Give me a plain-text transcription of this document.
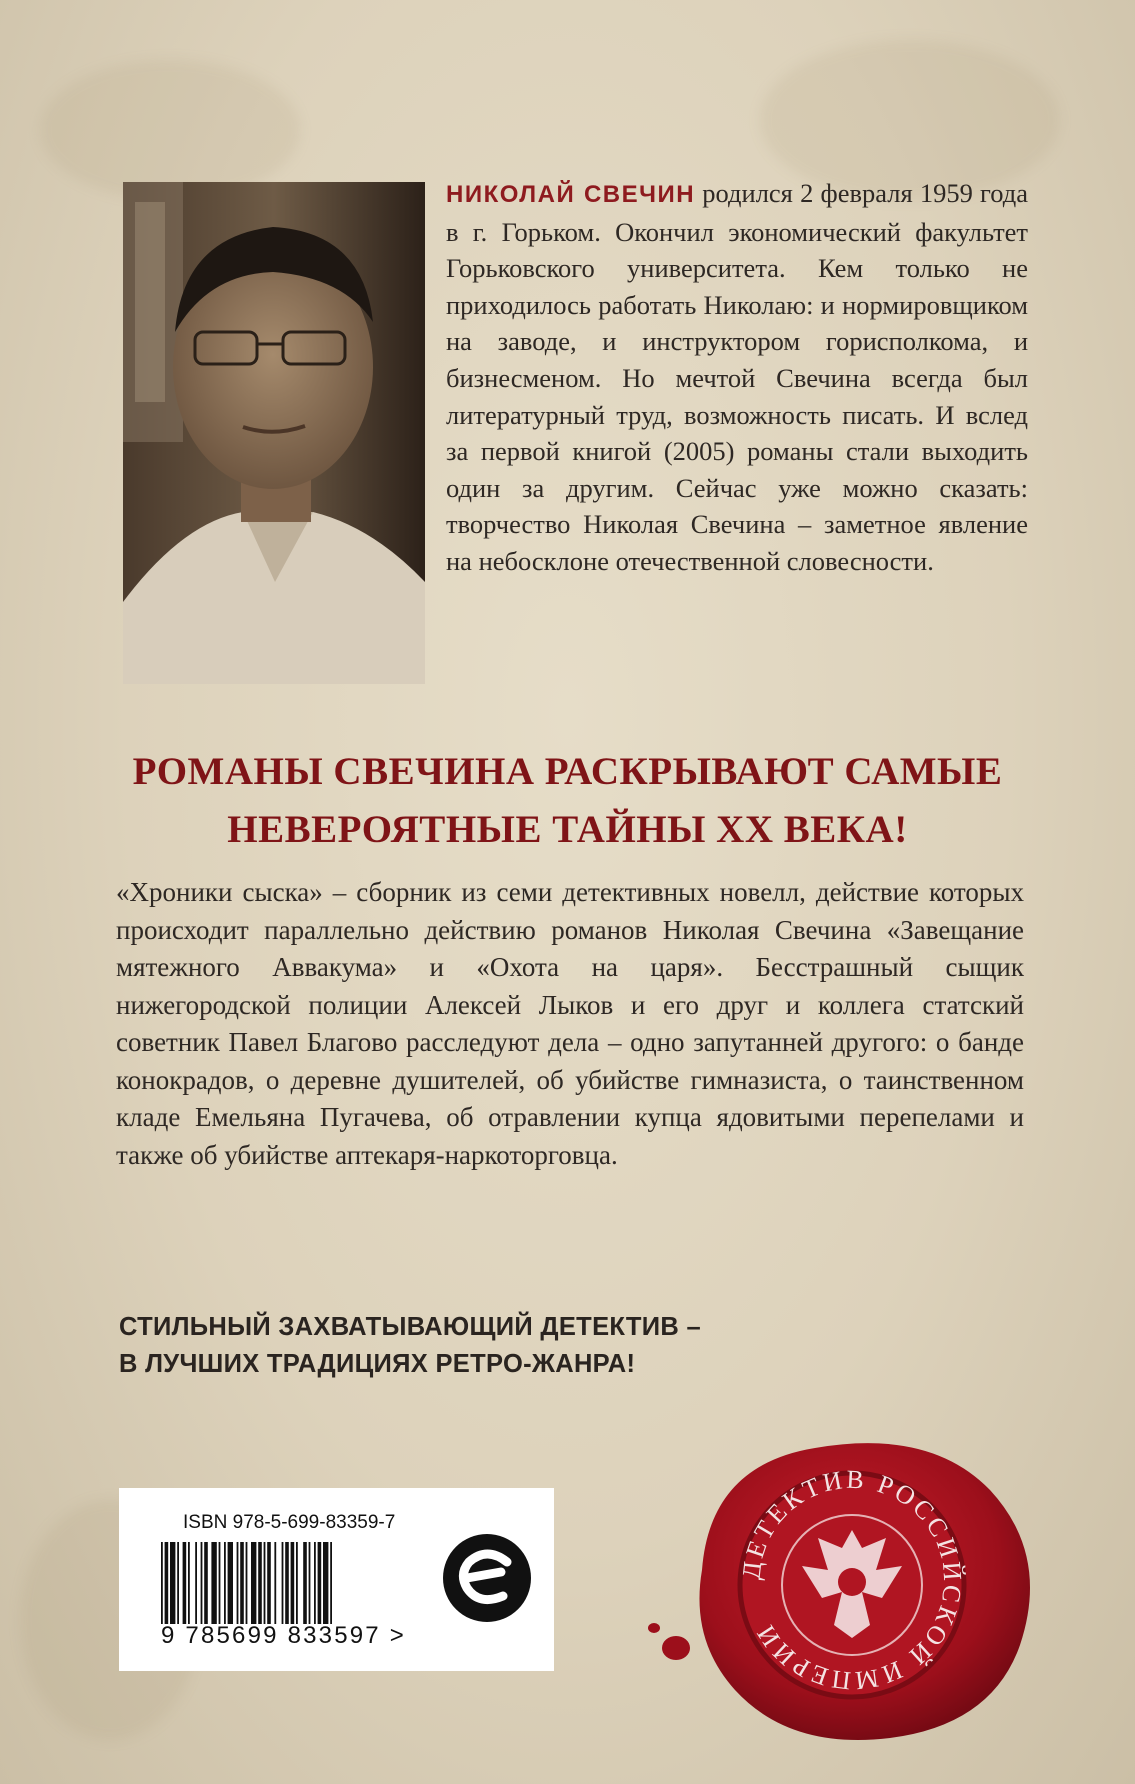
НИКОЛАЙ СВЕЧИН родился 2 февраля 1959 года в г. Горьком. Окончил экономический факультет Горьковского университета. Кем только не приходилось работать Николаю: и нормировщиком на заводе, и инструктором горисполкома, и бизнесменом. Но мечтой Свечина всегда был литературный труд, возможность писать. И вслед за первой книгой (2005) романы стали выходить один за другим. Сейчас уже можно сказать: творчество Николая Свечина – заметное явление на небосклоне отечественной словесности.
РОМАНЫ СВЕЧИНА РАСКРЫВАЮТ САМЫЕ
НЕВЕРОЯТНЫЕ ТАЙНЫ XX ВЕКА!
«Хроники сыска» – сборник из семи детективных новелл, действие которых происходит параллельно действию романов Николая Свечина «Завещание мятежного Аввакума» и «Охота на царя». Бесстрашный сыщик нижегородской полиции Алексей Лыков и его друг и коллега статский советник Павел Благово расследуют дела – одно запутанней другого: о банде конокрадов, о деревне душителей, об убийстве гимназиста, о таинственном кладе Емельяна Пугачева, об отравлении купца ядовитыми перепелами и также об убийстве аптекаря-наркоторговца.
СТИЛЬНЫЙ ЗАХВАТЫВАЮЩИЙ ДЕТЕКТИВ –
В ЛУЧШИХ ТРАДИЦИЯХ РЕТРО-ЖАНРА!
ISBN 978-5-699-83359-7
9 785699 833597 >
ДЕТЕКТИВ РОССИЙСКОЙ ИМПЕРИИ
